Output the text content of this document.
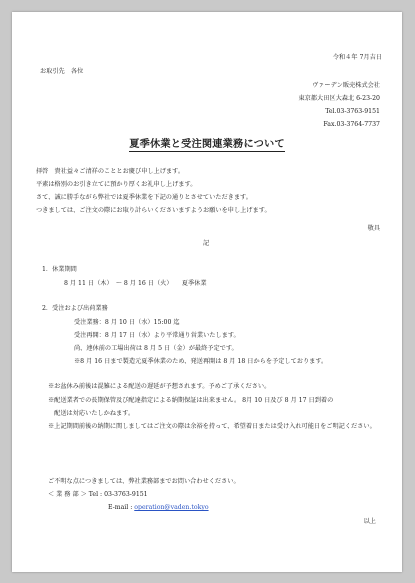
令和４年 7月吉日
お取引先　各位
ヴァーデン販売株式会社
東京都大田区大森北 6-23-20
Tel.03-3763-9151
Fax.03-3764-7737
夏季休業と受注関連業務について
拝啓　貴社益々ご清祥のこととお慶び申し上げます。
平素は格別のお引き立てに預かり厚くお礼申し上げます。
さて、誠に勝手ながら弊社では夏季休業を下記の通りとさせていただきます。
つきましては、ご注文の際にお取り計らいくださいますようお願いを申し上げます。
敬具
記
1．休業期間
8 月 11 日（木）　～ 8 月 16 日（火）　　夏季休業
2．受注および出荷業務
受注業務：8 月 10 日（水）15:00 迄
受注再開：8 月 17 日（水）より平常通り営業いたします。
尚、連休前の工場出荷は 8 月 5 日（金）が最終予定です。
※8 月 16 日まで製造元夏季休業のため、発送再開は 8 月 18 日からを予定しております。
※お盆休み前後は混雑による配送の遅延が予想されます。予めご了承ください。
※配送業者での長期保管及び配達指定による納期保証は出来ません。 8月 10 日及び 8 月 17 日到着の
　配送は対応いたしかねます。
※上記期間前後の納期に関しましてはご注文の際は余裕を持って、希望着日または受け入れ可能日をご明記ください。
ご不明な点につきましては、弊社業務部までお問い合わせください。
＜ 業 務 部 ＞ Tel : 03-3763-9151
E-mail : operation@vaden.tokyo
以上
